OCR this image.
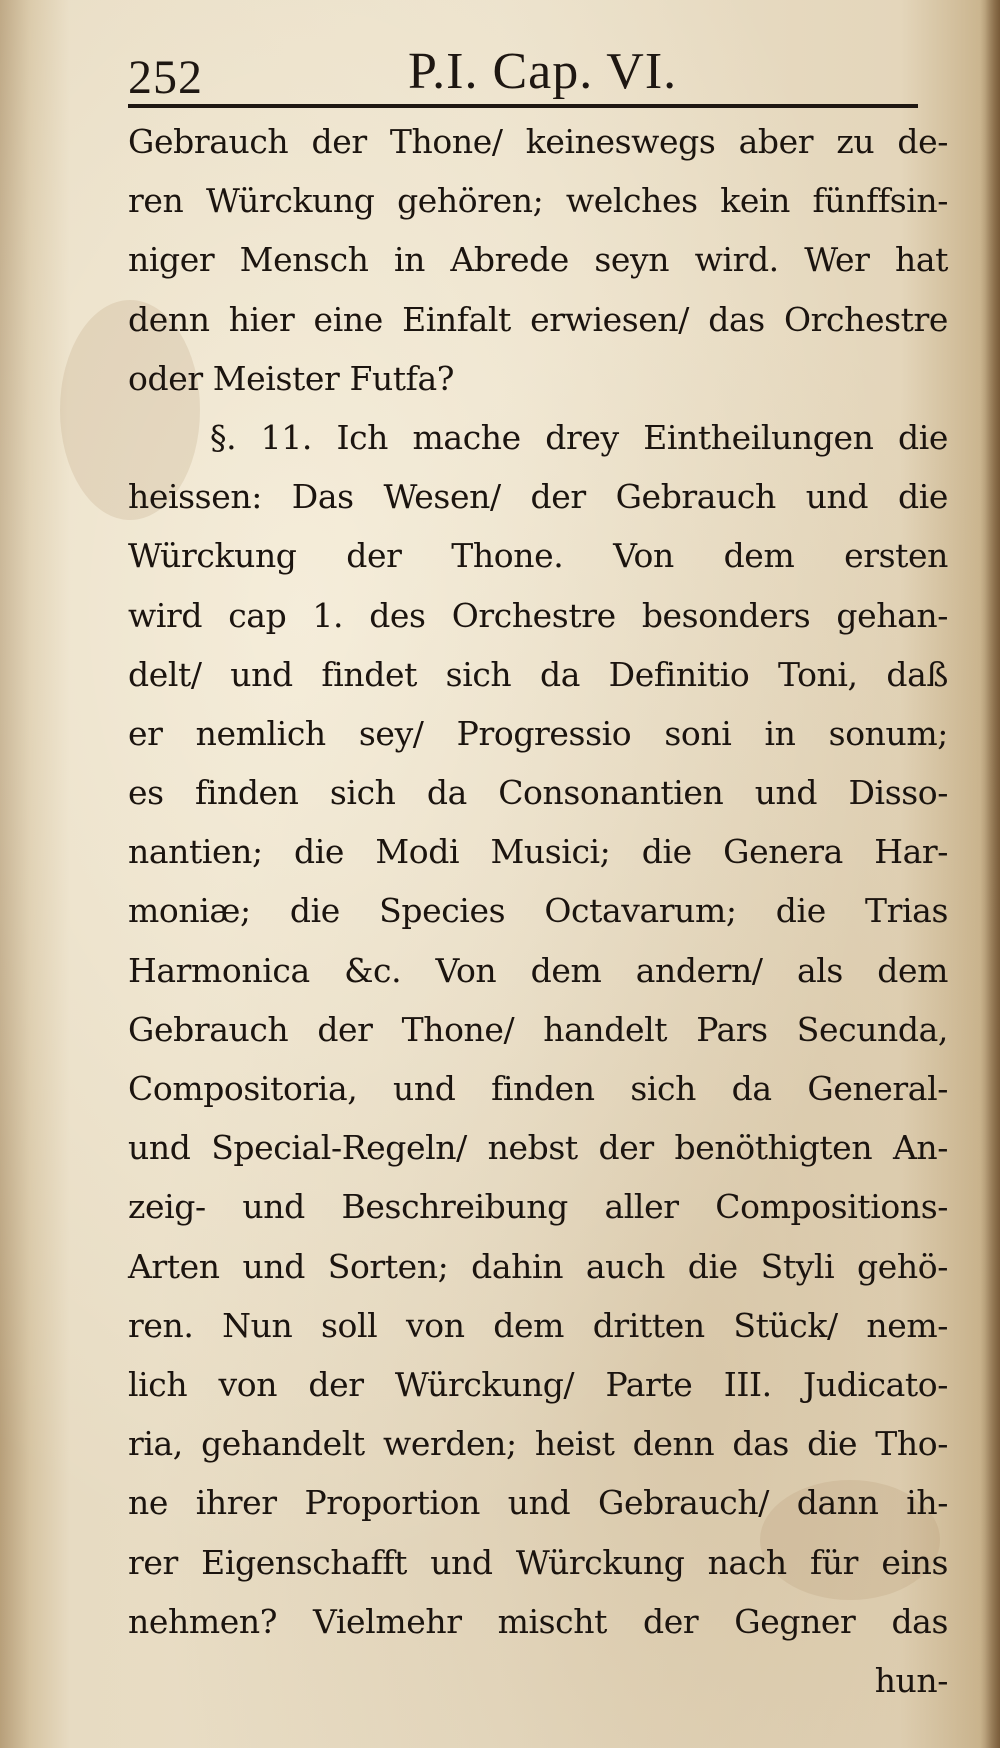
252	P.I. Cap. VI.
Gebrauch der Thone/ keineswegs aber zu de-
ren Würckung gehören; welches kein fünffsin-
niger Mensch in Abrede seyn wird. Wer hat
denn hier eine Einfalt erwiesen/ das Orchestre
oder Meister Futfa?
§. 11. Ich mache drey Eintheilungen die
heissen: Das Wesen/ der Gebrauch und die
Würckung der Thone. Von dem ersten
wird cap 1. des Orchestre besonders gehan-
delt/ und findet sich da Definitio Toni, daß
er nemlich sey/ Progressio soni in sonum;
es finden sich da Consonantien und Disso-
nantien; die Modi Musici; die Genera Har-
moniæ; die Species Octavarum; die Trias
Harmonica &c. Von dem andern/ als dem
Gebrauch der Thone/ handelt Pars Secunda,
Compositoria, und finden sich da General-
und Special-Regeln/ nebst der benöthigten An-
zeig- und Beschreibung aller Compositions-
Arten und Sorten; dahin auch die Styli gehö-
ren. Nun soll von dem dritten Stück/ nem-
lich von der Würckung/ Parte III. Judicato-
ria, gehandelt werden; heist denn das die Tho-
ne ihrer Proportion und Gebrauch/ dann ih-
rer Eigenschafft und Würckung nach für eins
nehmen? Vielmehr mischt der Gegner das
hun-
